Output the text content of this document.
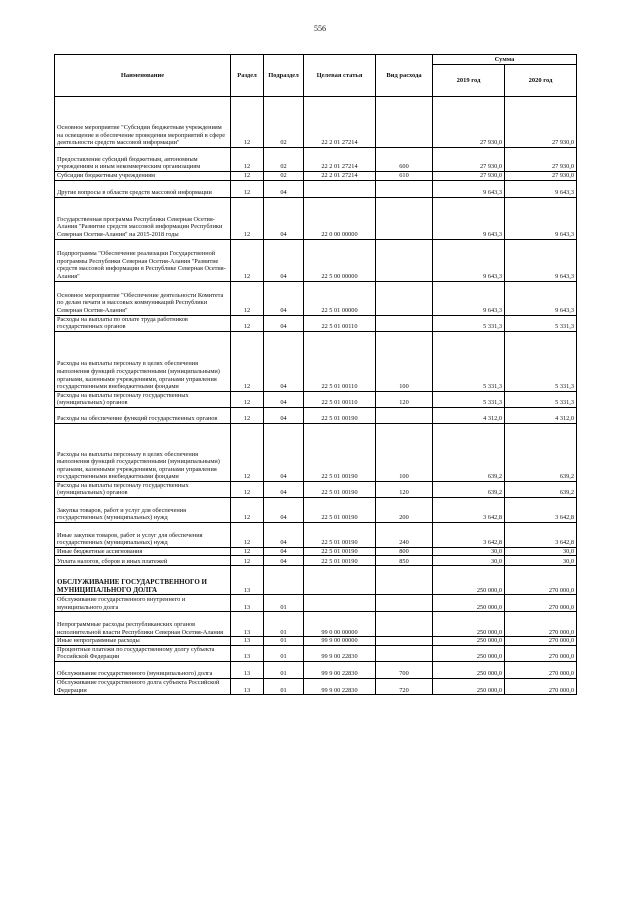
556
Наименование	Раздел	Подраздел	Целевая статья	Вид расхода	Сумма	
					2019 год	2020 год
Основное мероприятие "Субсидии бюджетным учреждениям на освещение и обеспечение проведения мероприятий в сфере деятельности средств массовой информации"	12	02	22 2 01 27214		27 930,0	27 930,0
Предоставление субсидий бюджетным, автономным учреждениям и иным некоммерческим организациям	12	02	22 2 01 27214	600	27 930,0	27 930,0
Субсидии бюджетным учреждениям	12	02	22 2 01 27214	610	27 930,0	27 930,0
Другие вопросы в области средств массовой информации	12	04			9 643,3	9 643,3
Государственная программа Республики Северная Осетия-Алания "Развитие средств массовой информации Республики Северная Осетия-Алания" на 2015-2018 годы	12	04	22 0 00 00000		9 643,3	9 643,3
Подпрограмма "Обеспечение реализации Государственной программы Республики Северная Осетия-Алания "Развитие средств массовой информации в Республике Северная Осетия-Алания"	12	04	22 5 00 00000		9 643,3	9 643,3
Основное мероприятие "Обеспечение деятельности Комитета по делам печати и массовых коммуникаций Республики Северная Осетия-Алания"	12	04	22 5 01 00000		9 643,3	9 643,3
Расходы на выплаты по оплате труда работников государственных органов	12	04	22 5 01 00110		5 331,3	5 331,3
Расходы на выплаты персоналу в целях обеспечения выполнения функций государственными (муниципальными) органами, казенными учреждениями, органами управления государственными внебюджетными фондами	12	04	22 5 01 00110	100	5 331,3	5 331,3
Расходы на выплаты персоналу государственных (муниципальных) органов	12	04	22 5 01 00110	120	5 331,3	5 331,3
Расходы на обеспечение функций государственных органов	12	04	22 5 01 00190		4 312,0	4 312,0
Расходы на выплаты персоналу в целях обеспечения выполнения функций государственными (муниципальными) органами, казенными учреждениями, органами управления государственными внебюджетными фондами	12	04	22 5 01 00190	100	639,2	639,2
Расходы на выплаты персоналу государственных (муниципальных) органов	12	04	22 5 01 00190	120	639,2	639,2
Закупка товаров, работ и услуг для обеспечения государственных (муниципальных) нужд	12	04	22 5 01 00190	200	3 642,8	3 642,8
Иные закупки товаров, работ и услуг для обеспечения государственных (муниципальных) нужд	12	04	22 5 01 00190	240	3 642,8	3 642,8
Иные бюджетные ассигнования	12	04	22 5 01 00190	800	30,0	30,0
Уплата налогов, сборов и иных платежей	12	04	22 5 01 00190	850	30,0	30,0
ОБСЛУЖИВАНИЕ ГОСУДАРСТВЕННОГО И МУНИЦИПАЛЬНОГО ДОЛГА	13				250 000,0	270 000,0
Обслуживание государственного внутреннего и муниципального долга	13	01			250 000,0	270 000,0
Непрограммные расходы республиканских органов исполнительной власти Республики Северная Осетия-Алания	13	01	99 0 00 00000		250 000,0	270 000,0
Иные непрограммные расходы	13	01	99 9 00 00000		250 000,0	270 000,0
Процентные платежи по государственному долгу субъекта Российской Федерации	13	01	99 9 00 22830		250 000,0	270 000,0
Обслуживание государственного (муниципального) долга	13	01	99 9 00 22830	700	250 000,0	270 000,0
Обслуживание государственного долга субъекта Российской Федерации	13	01	99 9 00 22830	720	250 000,0	270 000,0
